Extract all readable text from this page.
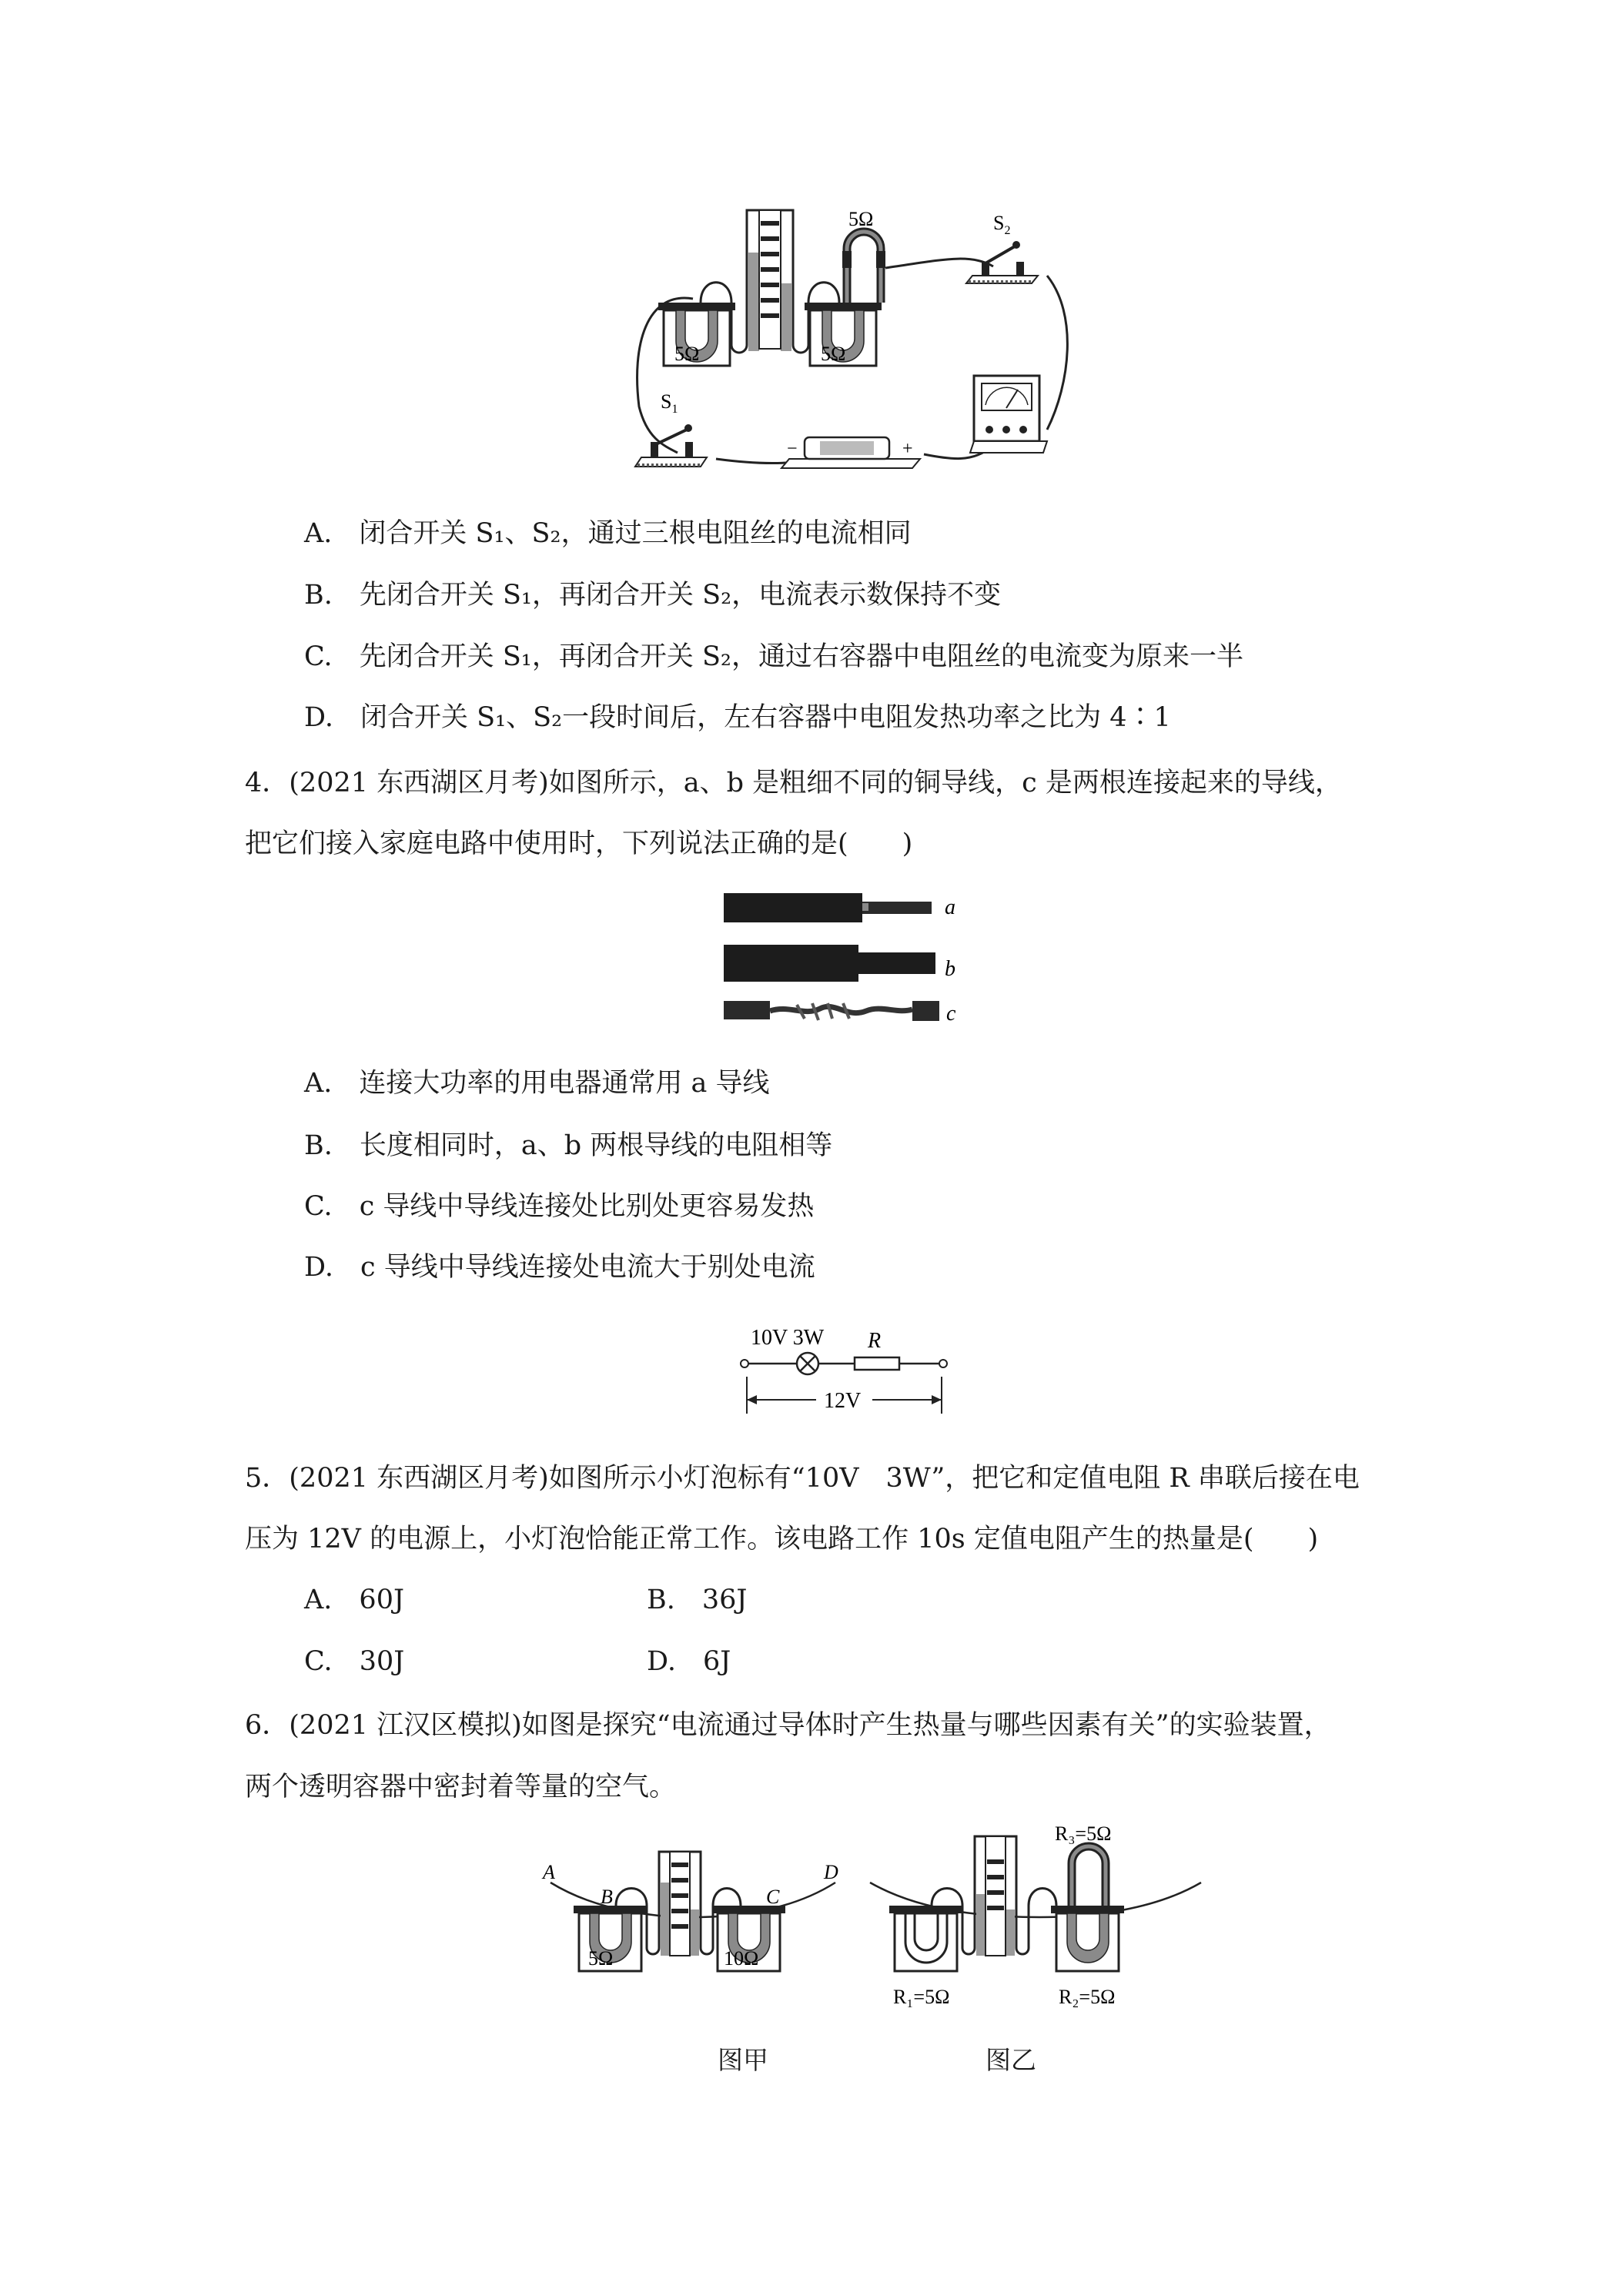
5Ω	5Ω
5Ω	$S_2$
$S_1$
−	+
A.　 闭合开关 S₁、S₂，通过三根电阻丝的电流相同
B.　 先闭合开关 S₁，再闭合开关 S₂，电流表示数保持不变
C.　 先闭合开关 S₁，再闭合开关 S₂，通过右容器中电阻丝的电流变为原来一半
D.　 闭合开关 S₁、S₂一段时间后，左右容器中电阻发热功率之比为 4∶1
4．(2021 东西湖区月考)如图所示，a、b 是粗细不同的铜导线，c 是两根连接起来的导线，
把它们接入家庭电路中使用时，下列说法正确的是(　　)
a
b
c
A.　 连接大功率的用电器通常用 a 导线
B.　 长度相同时，a、b 两根导线的电阻相等
C.　 c 导线中导线连接处比别处更容易发热
D.　 c 导线中导线连接处电流大于别处电流
10V 3W R
12V
5．(2021 东西湖区月考)如图所示小灯泡标有“10V　3W”，把它和定值电阻 R 串联后接在电
压为 12V 的电源上，小灯泡恰能正常工作。该电路工作 10s 定值电阻产生的热量是(　　)
A.　 60J	B.　 36J
C.　 30J	D.　 6J
6．(2021 江汉区模拟)如图是探究“电流通过导体时产生热量与哪些因素有关”的实验装置，
两个透明容器中密封着等量的空气。
5Ω	10Ω
A
B	C
D
图甲
R₁=5Ω
R₃=5Ω
R₂=5Ω
图乙
